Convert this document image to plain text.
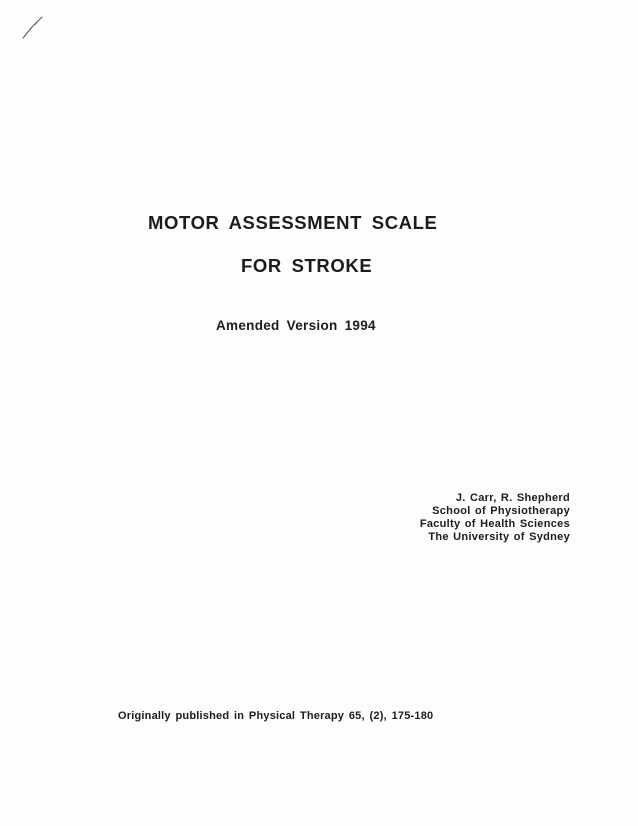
MOTOR ASSESSMENT SCALE
FOR STROKE
Amended Version 1994
J. Carr, R. Shepherd
School of Physiotherapy
Faculty of Health Sciences
The University of Sydney
Originally published in Physical Therapy 65, (2), 175-180
